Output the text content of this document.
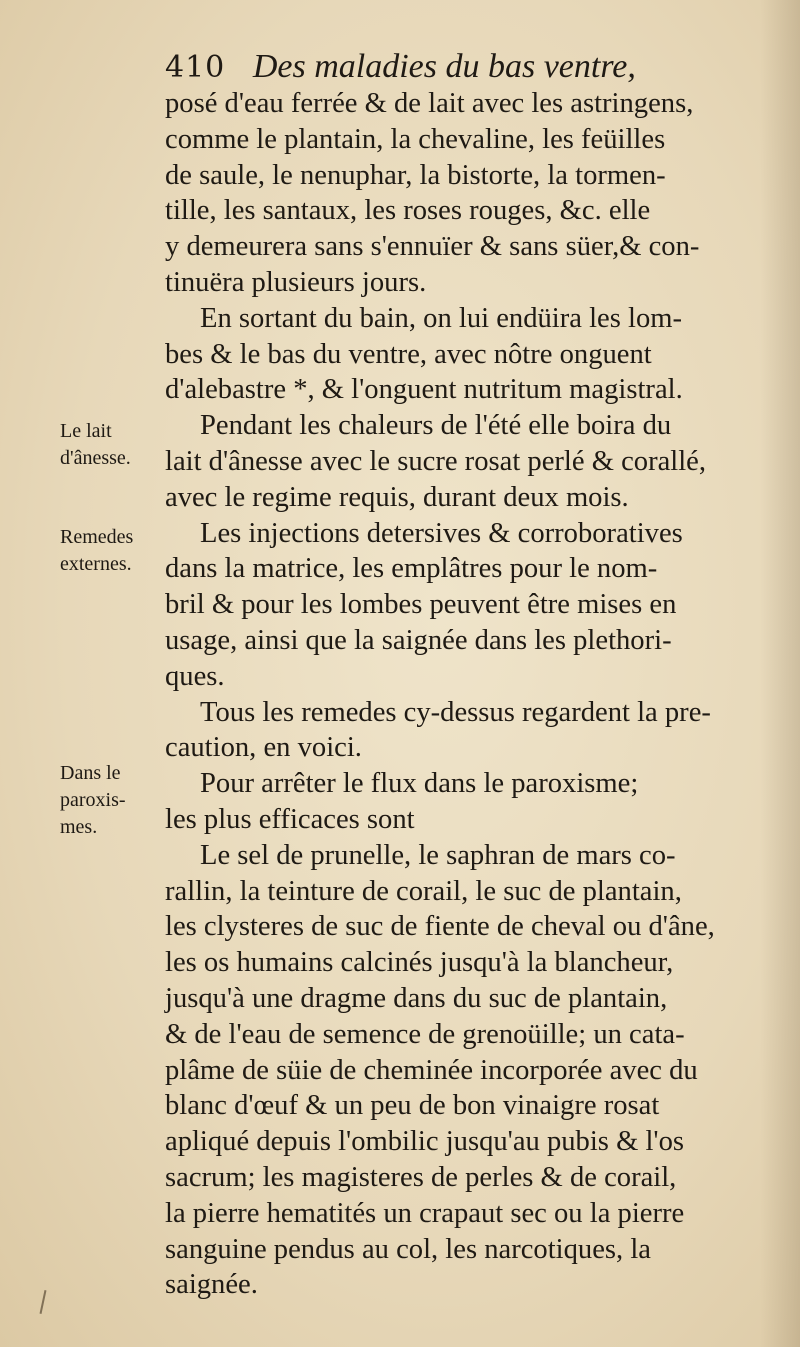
410 Des maladies du bas ventre,
posé d'eau ferrée & de lait avec les astringens,
comme le plantain, la chevaline, les feüilles
de saule, le nenuphar, la bistorte, la tormen-
tille, les santaux, les roses rouges, &c. elle
y demeurera sans s'ennuïer & sans süer,& con-
tinuëra plusieurs jours.
En sortant du bain, on lui endüira les lom-
bes & le bas du ventre, avec nôtre onguent
d'alebastre *, & l'onguent nutritum magistral.
Pendant les chaleurs de l'été elle boira du
lait d'ânesse avec le sucre rosat perlé & corallé,
avec le regime requis, durant deux mois.
Les injections detersives & corroboratives
dans la matrice, les emplâtres pour le nom-
bril & pour les lombes peuvent être mises en
usage, ainsi que la saignée dans les plethori-
ques.
Tous les remedes cy-dessus regardent la pre-
caution, en voici.
Pour arrêter le flux dans le paroxisme;
les plus efficaces sont
Le sel de prunelle, le saphran de mars co-
rallin, la teinture de corail, le suc de plantain,
les clysteres de suc de fiente de cheval ou d'âne,
les os humains calcinés jusqu'à la blancheur,
jusqu'à une dragme dans du suc de plantain,
& de l'eau de semence de grenoüille; un cata-
plâme de süie de cheminée incorporée avec du
blanc d'œuf & un peu de bon vinaigre rosat
apliqué depuis l'ombilic jusqu'au pubis & l'os
sacrum; les magisteres de perles & de corail,
la pierre hematités un crapaut sec ou la pierre
sanguine pendus au col, les narcotiques, la
saignée.
Le lait
d'ânesse.
Remedes
externes.
Dans le
paroxis-
mes.
